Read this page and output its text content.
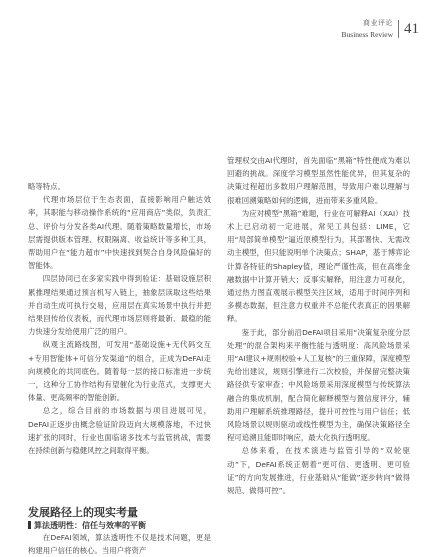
商业评论
Business Review 41

略等特点。

代理市场层位于生态表面，直接影响用户触达效率，其职能与移动操作系统的“应用商店”类似，负责汇总、评价与分发各类AI代理。随着策略数量增长，市场层需提供版本管理、权限隔离、收益统计等多种工具，帮助用户在“能力超市”中快速找到契合自身风险偏好的智能体。

四层协同已在多家实践中得到验证：基础设施层积累推理结果通过预言机写入链上，抽象层读取这些结果并自动生成可执行交易，应用层在真实场景中执行并把结果回传给仪表板，而代理市场层则将最新、最稳的能力快速分发给使用广泛的用户。

纵观主流路线图，可发用“基础设施+无代码交互+专用智能体+可信分发渠道”的组合，正成为DeFAI走向规模化的共同底色。随着每一层的接口标准进一步统一，这种分工协作结构有望催化为行业范式，支撑更大体量、更高频率的智能创新。

总之，综合目前的市场数据与项目进展可见，DeFAI正逐步由概念验证阶段迈向大规模落地，不过快速扩张的同时，行业也面临诸多技术与监管挑战，需要在持续创新与稳健风控之间取得平衡。

发展路径上的现实考量
算法透明性：信任与效率的平衡

在DeFAI领域，算法透明性不仅是技术问题，更是构建用户信任的核心。当用户将资产

管理权交由AI代理时，首先面临“黑箱”特性便成为难以回避的挑战。深度学习模型虽然性能优异，但其复杂的决策过程超出多数用户理解范围，导致用户难以理解与很难回溯策略如何的逻辑，进而带来多重风险。

为应对模型“黑箱”难题，行业在可解释AI（XAI）技术上已启动初一定进展，常见工具包括：LIME，它用“局部简单模型”逼近原模型行为，其部署快、无需改动主模型，但只能说明单个决策点；SHAP，基于博弈论计算各特征的Shapley值，理论严谨性高，但在高维金融数据中计算开销大；反事实解释，用注意力可视化，通过热力图直观展示模型关注区域，适用于时间序列和多模态数据，但注意力权重并不总能代表真正的因果解释。

鉴于此，部分前沿DeFAI项目采用“决策复杂度分层处理”的混合架构来平衡性能与透明度：高风险场景采用“AI建议+规则校验+人工复核”的三重保障，深度模型先给出建议，规则引擎进行二次校验，并保留完整决策路径供专家审查；中风险场景采用深度模型与传统算法融合的集成机制，配合简化解释模型与置信度评分，辅助用户理解系统推理路径，提升可控性与用户信任；低风险场景以规则驱动或线性模型为主，确保决策路径全程可追溯且能即时响应，最大化执行透明度。

总体来看，在技术演进与监管引导的“双轮驱动”下，DeFAI系统正朝着“更可信、更透明、更可验证”的方向发展推进，行业基础从“能做”逐步转向“做得规范、做得可控”。
